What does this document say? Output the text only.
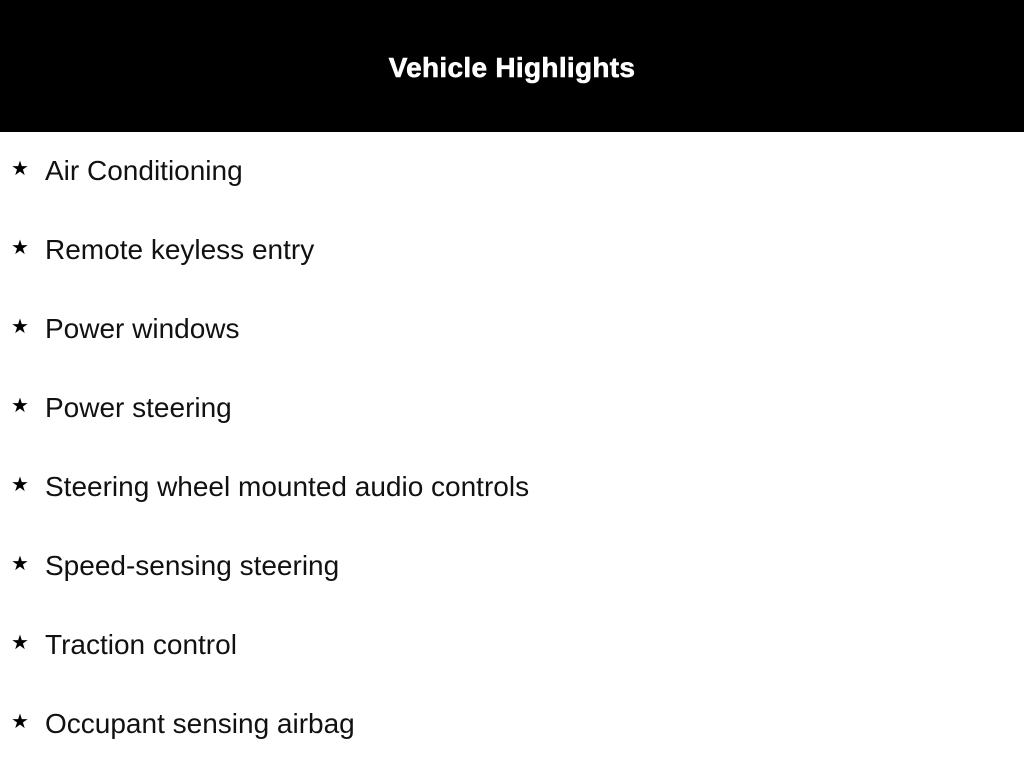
Vehicle Highlights
★ Air Conditioning
★ Remote keyless entry
★ Power windows
★ Power steering
★ Steering wheel mounted audio controls
★ Speed-sensing steering
★ Traction control
★ Occupant sensing airbag
